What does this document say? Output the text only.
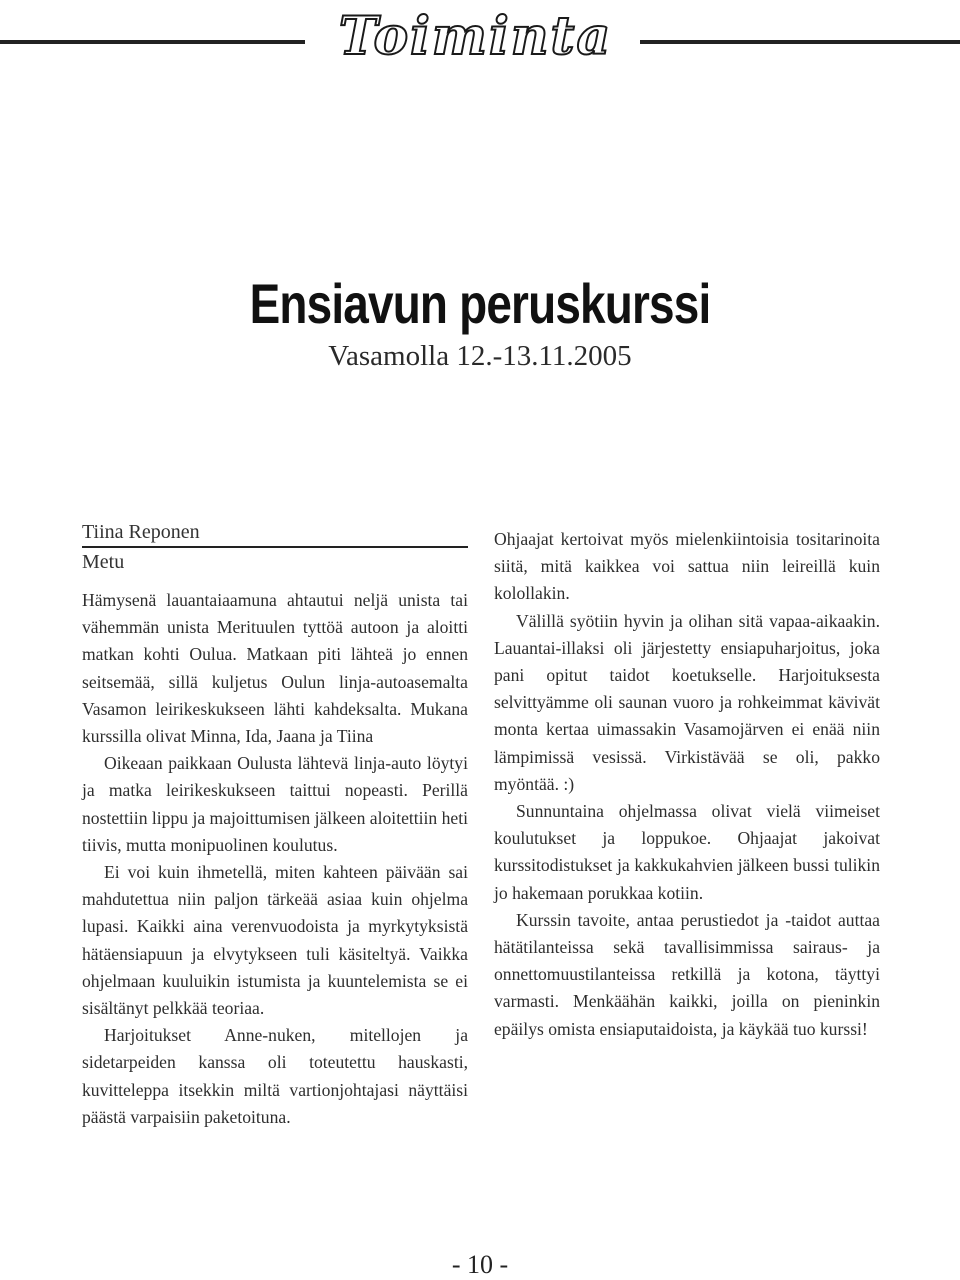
Toiminta
Ensiavun peruskurssi
Vasamolla 12.-13.11.2005
Tiina Reponen
Metu

Hämysenä lauantaiaamuna ahtautui neljä unista tai vähemmän unista Merituulen tyttöä autoon ja aloitti matkan kohti Oulua. Matkaan piti lähteä jo ennen seitsemää, sillä kuljetus Oulun linja-autoasemalta Vasamon leirikeskukseen lähti kahdeksalta. Mukana kurssilla olivat Minna, Ida, Jaana ja Tiina

Oikeaan paikkaan Oulusta lähtevä linja-auto löytyi ja matka leirikeskukseen taittui nopeasti. Perillä nostettiin lippu ja majoittumisen jälkeen aloitettiin heti tiivis, mutta monipuolinen koulutus.

Ei voi kuin ihmetellä, miten kahteen päivään sai mahdutettua niin paljon tärkeää asiaa kuin ohjelma lupasi. Kaikki aina verenvuodoista ja myrkytyksistä hätäensiapuun ja elvytykseen tuli käsiteltyä. Vaikka ohjelmaan kuuluikin istumista ja kuuntelemista se ei sisältänyt pelkkää teoriaa.

Harjoitukset Anne-nuken, mitellojen ja sidetarpeiden kanssa oli toteutettu hauskasti, kuvitteleppa itsekkin miltä vartionjohtajasi näyttäisi päästä varpaisiin paketoituna.

Ohjaajat kertoivat myös mielenkiintoisia tositarinoita siitä, mitä kaikkea voi sattua niin leireillä kuin kolollakin.

Välillä syötiin hyvin ja olihan sitä vapaa-aikaakin. Lauantai-illaksi oli järjestetty ensiapuharjoitus, joka pani opitut taidot koetukselle. Harjoituksesta selvittyämme oli saunan vuoro ja rohkeimmat kävivät monta kertaa uimassakin Vasamojärven ei enää niin lämpimissä vesissä. Virkistävää se oli, pakko myöntää. :)

Sunnuntaina ohjelmassa olivat vielä viimeiset koulutukset ja loppukoe. Ohjaajat jakoivat kurssitodistukset ja kakkukahvien jälkeen bussi tulikin jo hakemaan porukkaa kotiin.

Kurssin tavoite, antaa perustiedot ja -taidot auttaa hätätilanteissa sekä tavallisimmissa sairaus- ja onnettomuustilanteissa retkillä ja kotona, täyttyi varmasti. Menkäähän kaikki, joilla on pieninkin epäilys omista ensiaputaidoista, ja käykää tuo kurssi!

- 10 -
